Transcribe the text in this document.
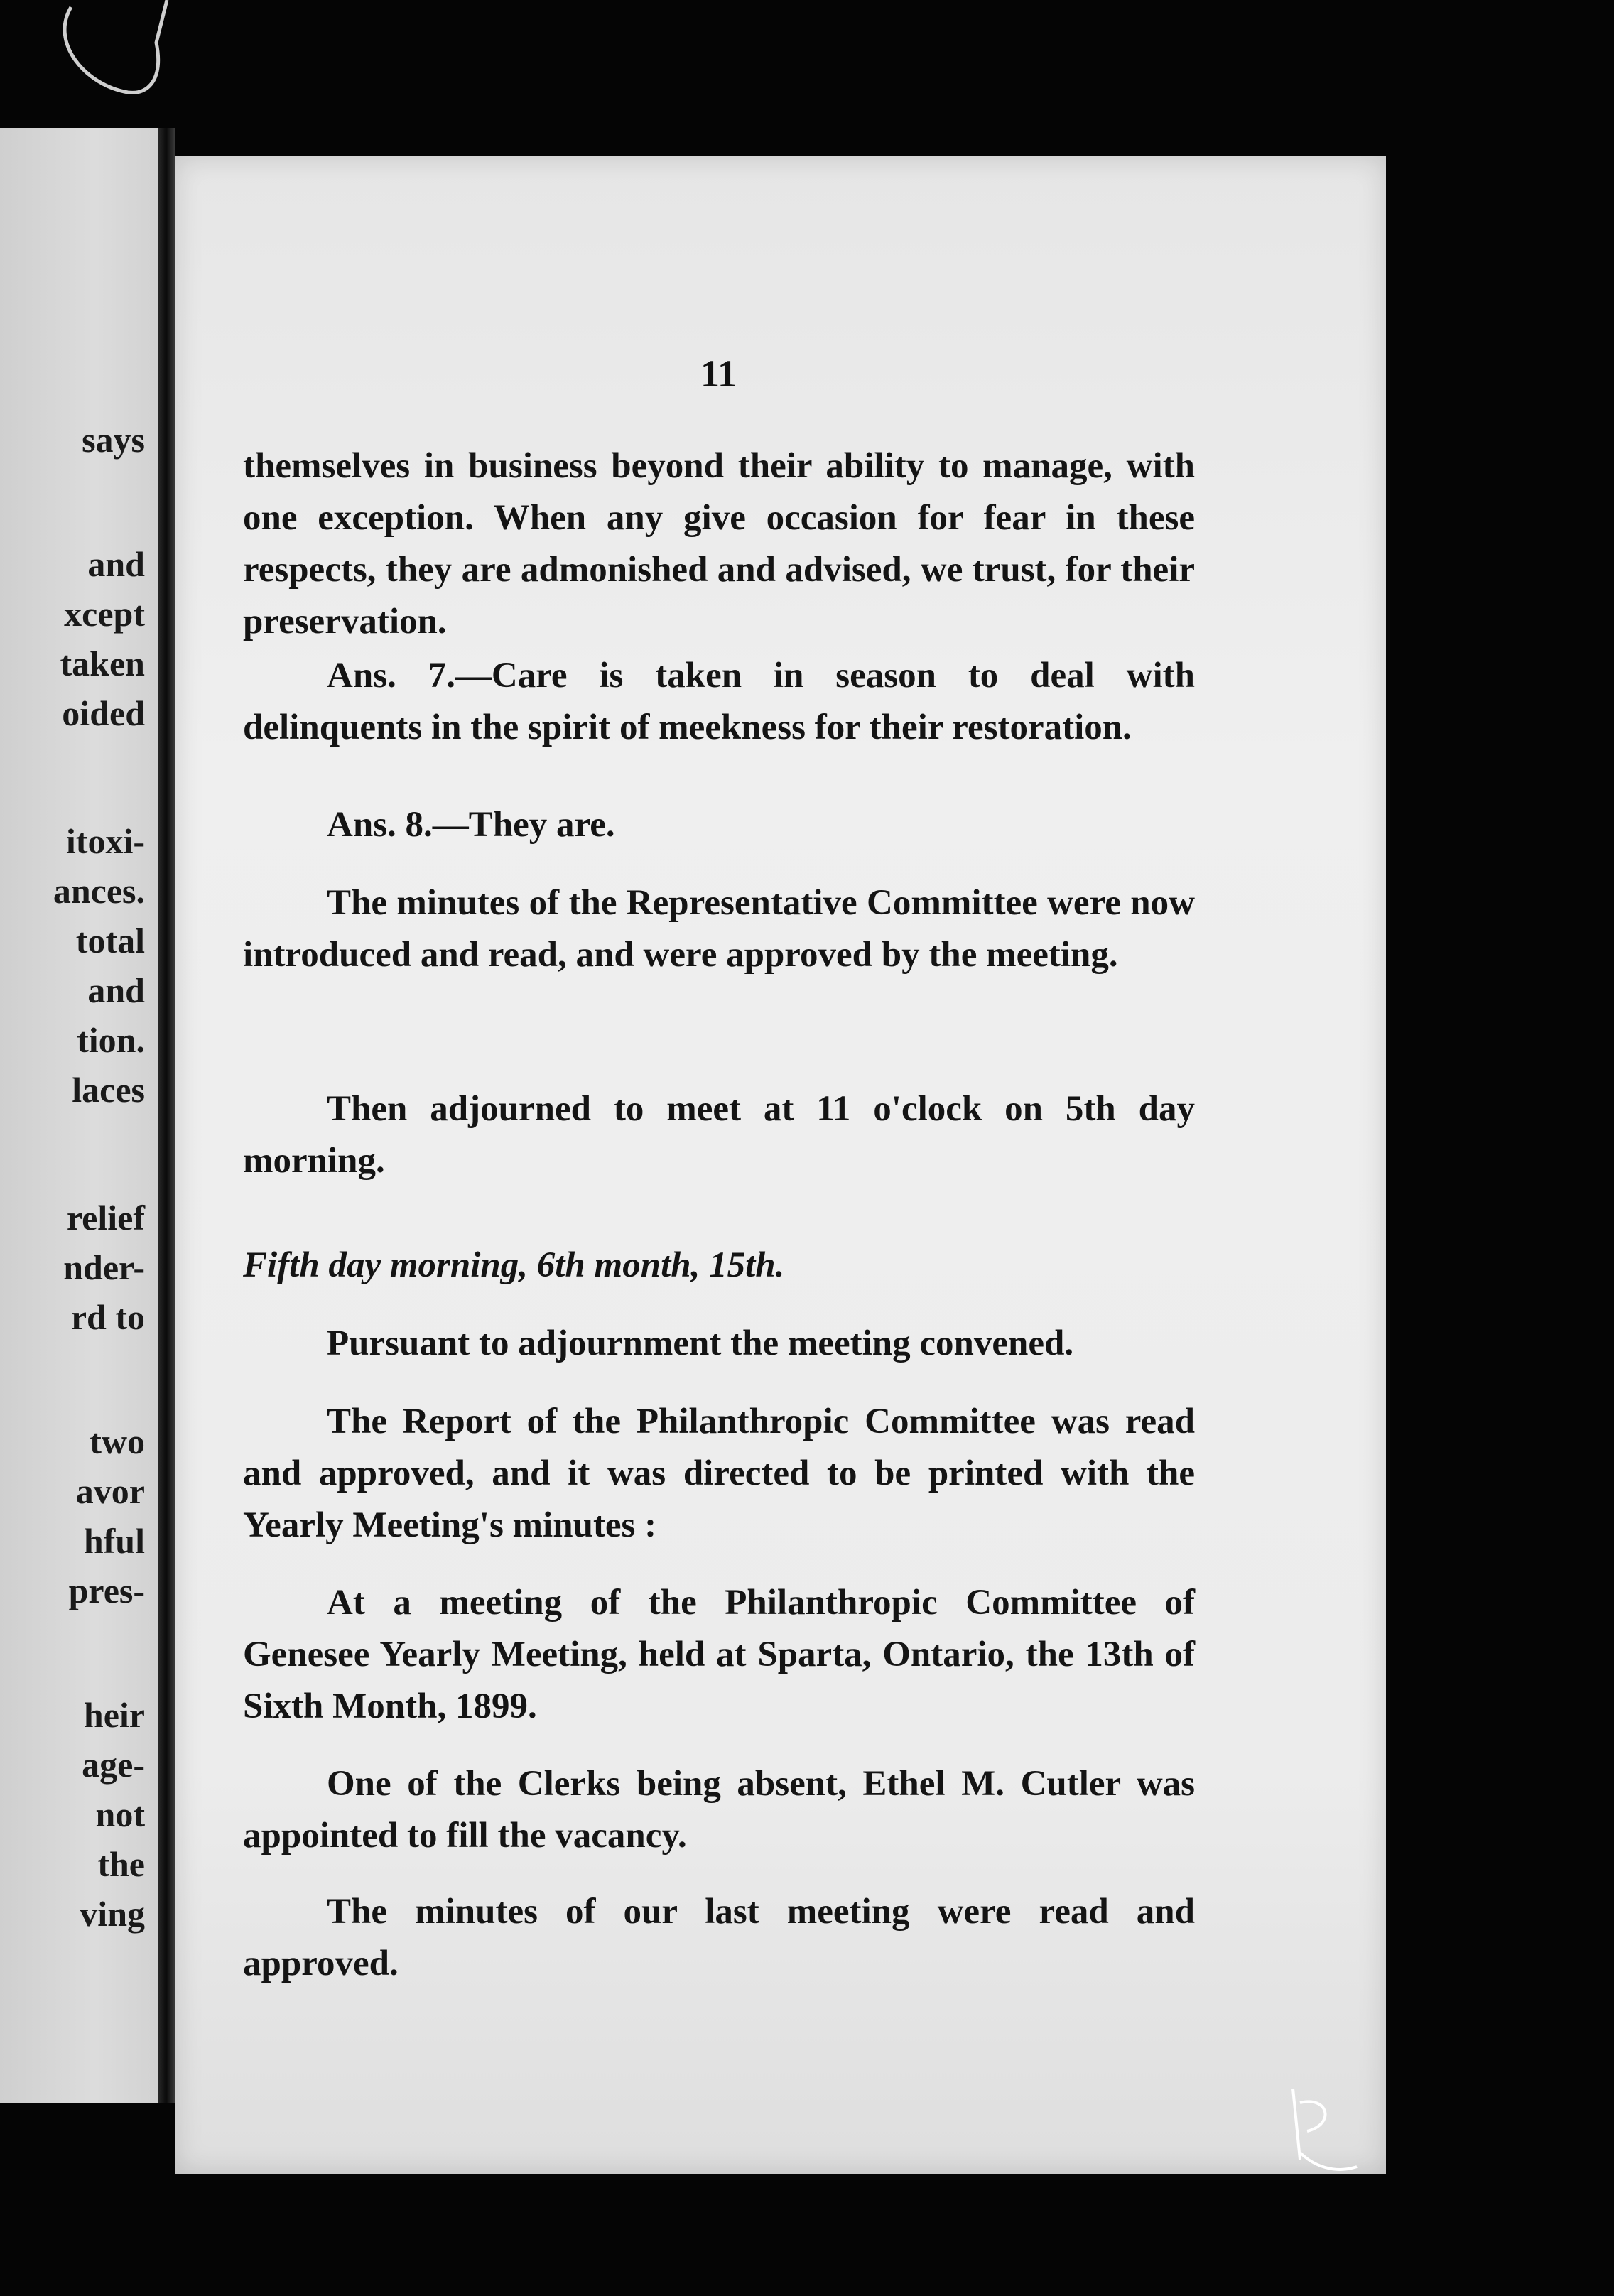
says
and
xcept
taken
oided
itoxi-
ances.
total
and
tion.
laces
relief
nder-
rd to
two
avor
hful
pres-
heir
age-
not
the
ving
11

themselves in business beyond their ability to manage, with one exception. When any give occasion for fear in these respects, they are admonished and advised, we trust, for their preservation.

Ans. 7.—Care is taken in season to deal with delinquents in the spirit of meekness for their restoration.

Ans. 8.—They are.

The minutes of the Representative Committee were now introduced and read, and were approved by the meeting.

Then adjourned to meet at 11 o'clock on 5th day morning.

Fifth day morning, 6th month, 15th.

Pursuant to adjournment the meeting convened.

The Report of the Philanthropic Committee was read and approved, and it was directed to be printed with the Yearly Meeting's minutes :

At a meeting of the Philanthropic Committee of Genesee Yearly Meeting, held at Sparta, Ontario, the 13th of Sixth Month, 1899.

One of the Clerks being absent, Ethel M. Cutler was appointed to fill the vacancy.

The minutes of our last meeting were read and approved.
